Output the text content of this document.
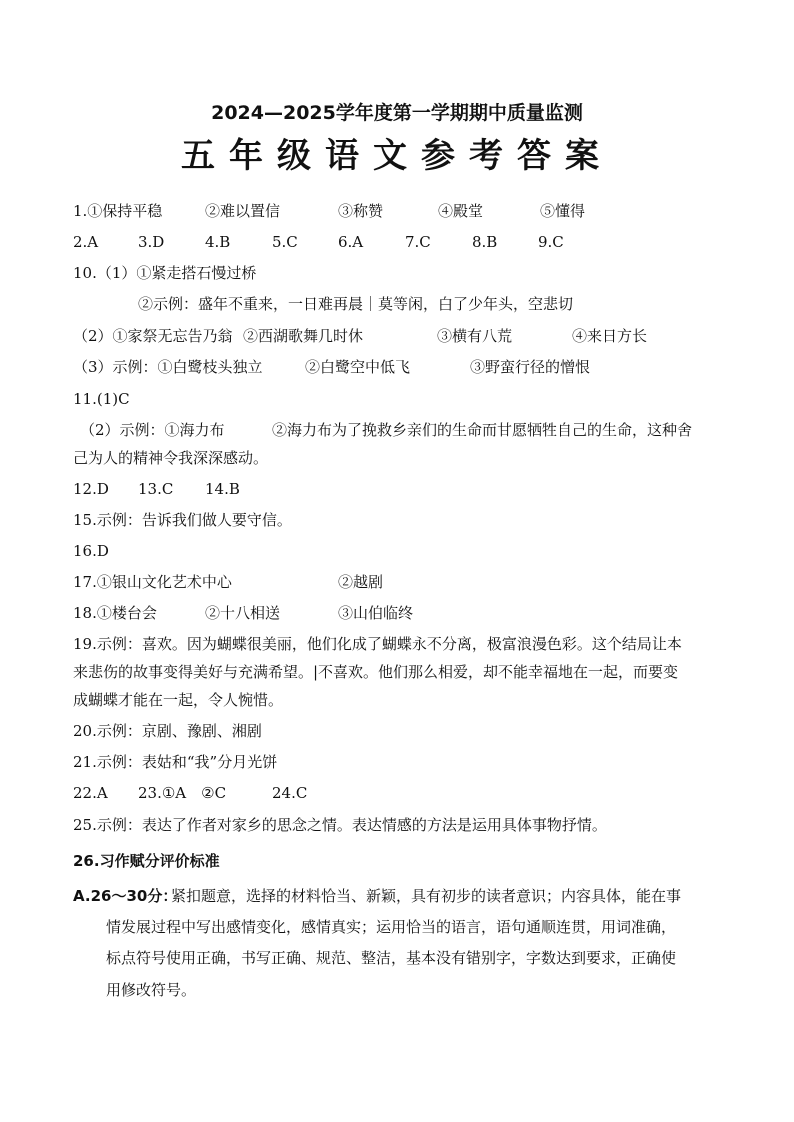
2024—2025学年度第一学期期中质量监测
五年级语文参考答案
1.①保持平稳	②难以置信	③称赞	④殿堂	⑤懂得
2.A	3.D	4.B	5.C	6.A	7.C	8.B	9.C
10.（1）①紧走搭石慢过桥
②示例：盛年不重来，一日难再晨｜莫等闲，白了少年头，空悲切
（2）①家祭无忘告乃翁 ②西湖歌舞几时休	③横有八荒	④来日方长
（3）示例：①白鹭枝头独立	②白鹭空中低飞	③野蛮行径的憎恨
11.(1)C
（2）示例：①海力布	②海力布为了挽救乡亲们的生命而甘愿牺牲自己的生命，这种舍
己为人的精神令我深深感动。
12.D 13.C 14.B
15.示例：告诉我们做人要守信。
16.D
17.①银山文化艺术中心	②越剧
18.①楼台会	②十八相送	③山伯临终
19.示例：喜欢。因为蝴蝶很美丽，他们化成了蝴蝶永不分离，极富浪漫色彩。这个结局让本
来悲伤的故事变得美好与充满希望。|不喜欢。他们那么相爱，却不能幸福地在一起，而要变
成蝴蝶才能在一起，令人惋惜。
20.示例：京剧、豫剧、湘剧
21.示例：表姑和“我”分月光饼
22.A 23.①A　②C	24.C
25.示例：表达了作者对家乡的思念之情。表达情感的方法是运用具体事物抒情。
26.习作赋分评价标准
A.26～30分：
紧扣题意，选择的材料恰当、新颖，具有初步的读者意识；内容具体，能在事
情发展过程中写出感情变化，感情真实；运用恰当的语言，语句通顺连贯，用词准确，
标点符号使用正确，书写正确、规范、整洁，基本没有错别字，字数达到要求，正确使
用修改符号。
